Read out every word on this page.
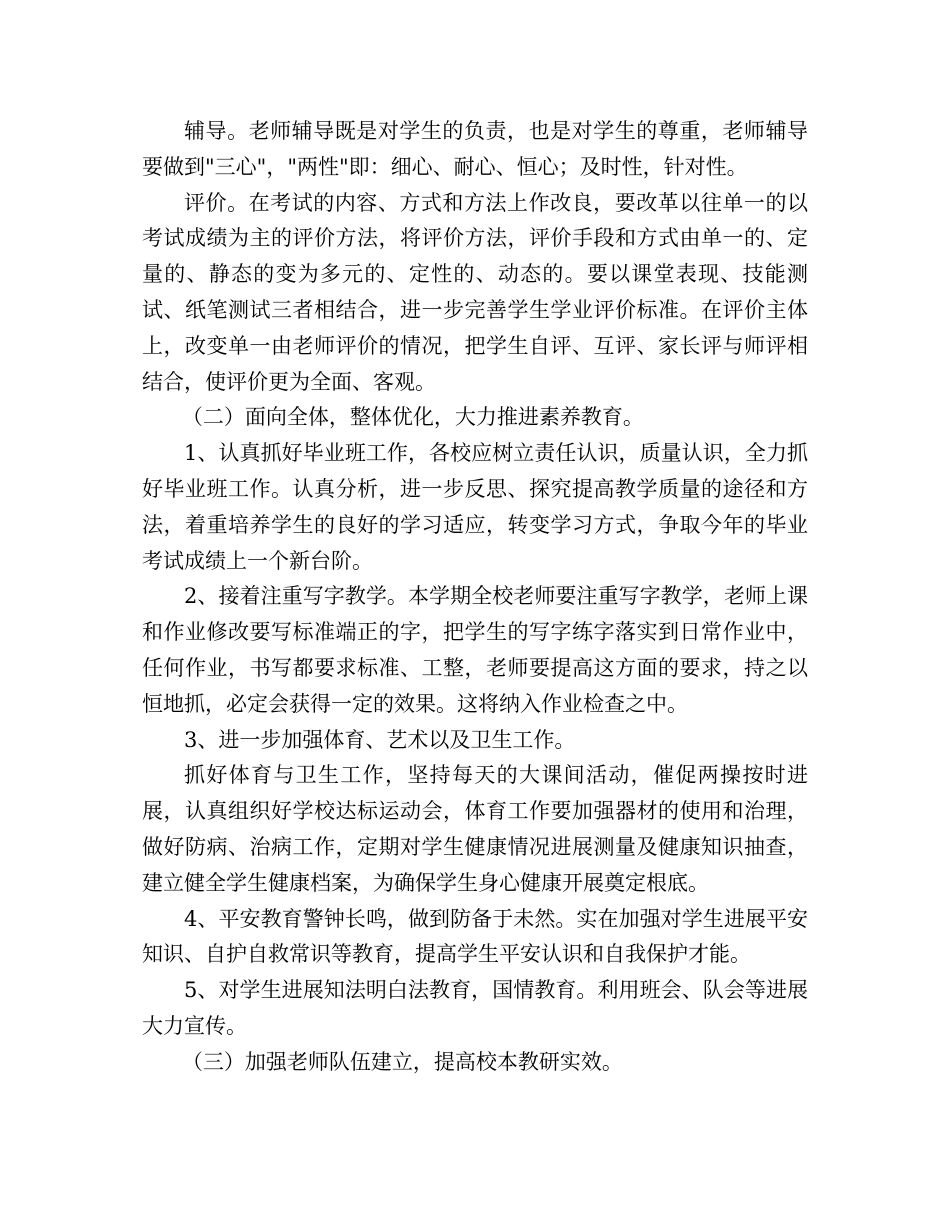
辅导。老师辅导既是对学生的负责，也是对学生的尊重，老师辅导要做到"三心"，"两性"即：细心、耐心、恒心；及时性，针对性。

评价。在考试的内容、方式和方法上作改良，要改革以往单一的以考试成绩为主的评价方法，将评价方法，评价手段和方式由单一的、定量的、静态的变为多元的、定性的、动态的。要以课堂表现、技能测试、纸笔测试三者相结合，进一步完善学生学业评价标准。在评价主体上，改变单一由老师评价的情况，把学生自评、互评、家长评与师评相结合，使评价更为全面、客观。

（二）面向全体，整体优化，大力推进素养教育。

1、认真抓好毕业班工作，各校应树立责任认识，质量认识，全力抓好毕业班工作。认真分析，进一步反思、探究提高教学质量的途径和方法，着重培养学生的良好的学习适应，转变学习方式，争取今年的毕业考试成绩上一个新台阶。

2、接着注重写字教学。本学期全校老师要注重写字教学，老师上课和作业修改要写标准端正的字，把学生的写字练字落实到日常作业中，任何作业，书写都要求标准、工整，老师要提高这方面的要求，持之以恒地抓，必定会获得一定的效果。这将纳入作业检查之中。

3、进一步加强体育、艺术以及卫生工作。

抓好体育与卫生工作，坚持每天的大课间活动，催促两操按时进展，认真组织好学校达标运动会，体育工作要加强器材的使用和治理，做好防病、治病工作，定期对学生健康情况进展测量及健康知识抽查，建立健全学生健康档案，为确保学生身心健康开展奠定根底。

4、平安教育警钟长鸣，做到防备于未然。实在加强对学生进展平安知识、自护自救常识等教育，提高学生平安认识和自我保护才能。

5、对学生进展知法明白法教育，国情教育。利用班会、队会等进展大力宣传。

（三）加强老师队伍建立，提高校本教研实效。
